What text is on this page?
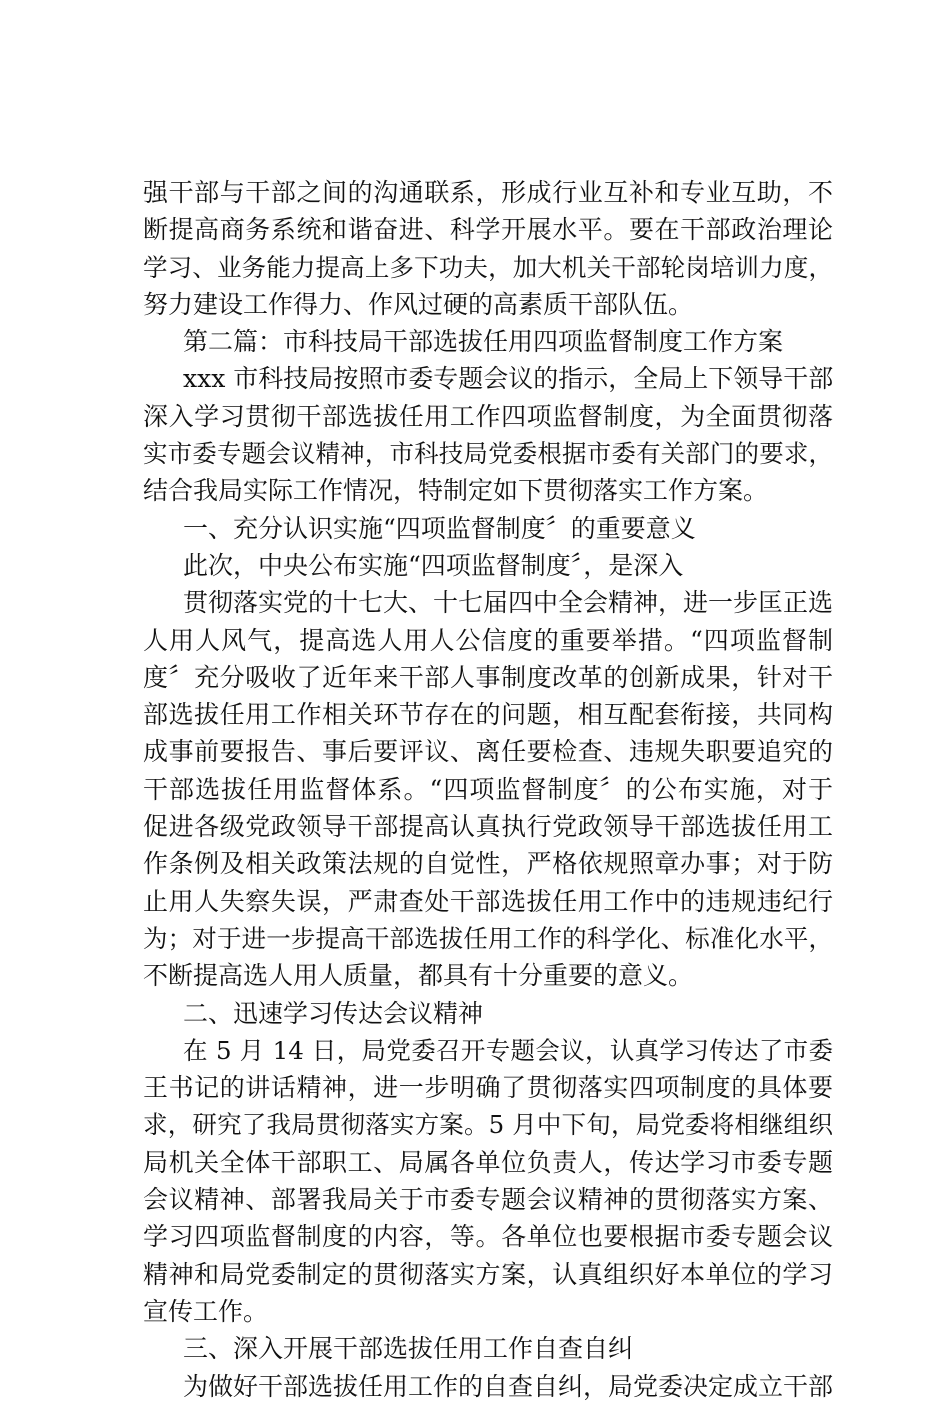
强干部与干部之间的沟通联系，形成行业互补和专业互助，不
断提高商务系统和谐奋进、科学开展水平。要在干部政治理论
学习、业务能力提高上多下功夫，加大机关干部轮岗培训力度，
努力建设工作得力、作风过硬的高素质干部队伍。
第二篇：市科技局干部选拔任用四项监督制度工作方案
xxx 市科技局按照市委专题会议的指示，全局上下领导干部
深入学习贯彻干部选拔任用工作四项监督制度，为全面贯彻落
实市委专题会议精神，市科技局党委根据市委有关部门的要求，
结合我局实际工作情况，特制定如下贯彻落实工作方案。
一、充分认识实施“四项监督制度〞的重要意义
此次，中央公布实施“四项监督制度〞，是深入
贯彻落实党的十七大、十七届四中全会精神，进一步匡正选
人用人风气，提高选人用人公信度的重要举措。“四项监督制
度〞充分吸收了近年来干部人事制度改革的创新成果，针对干
部选拔任用工作相关环节存在的问题，相互配套衔接，共同构
成事前要报告、事后要评议、离任要检查、违规失职要追究的
干部选拔任用监督体系。“四项监督制度〞的公布实施，对于
促进各级党政领导干部提高认真执行党政领导干部选拔任用工
作条例及相关政策法规的自觉性，严格依规照章办事；对于防
止用人失察失误，严肃查处干部选拔任用工作中的违规违纪行
为；对于进一步提高干部选拔任用工作的科学化、标准化水平，
不断提高选人用人质量，都具有十分重要的意义。
二、迅速学习传达会议精神
在 5 月 14 日，局党委召开专题会议，认真学习传达了市委
王书记的讲话精神，进一步明确了贯彻落实四项制度的具体要
求，研究了我局贯彻落实方案。5 月中下旬，局党委将相继组织
局机关全体干部职工、局属各单位负责人，传达学习市委专题
会议精神、部署我局关于市委专题会议精神的贯彻落实方案、
学习四项监督制度的内容，等。各单位也要根据市委专题会议
精神和局党委制定的贯彻落实方案，认真组织好本单位的学习
宣传工作。
三、深入开展干部选拔任用工作自查自纠
为做好干部选拔任用工作的自查自纠，局党委决定成立干部
